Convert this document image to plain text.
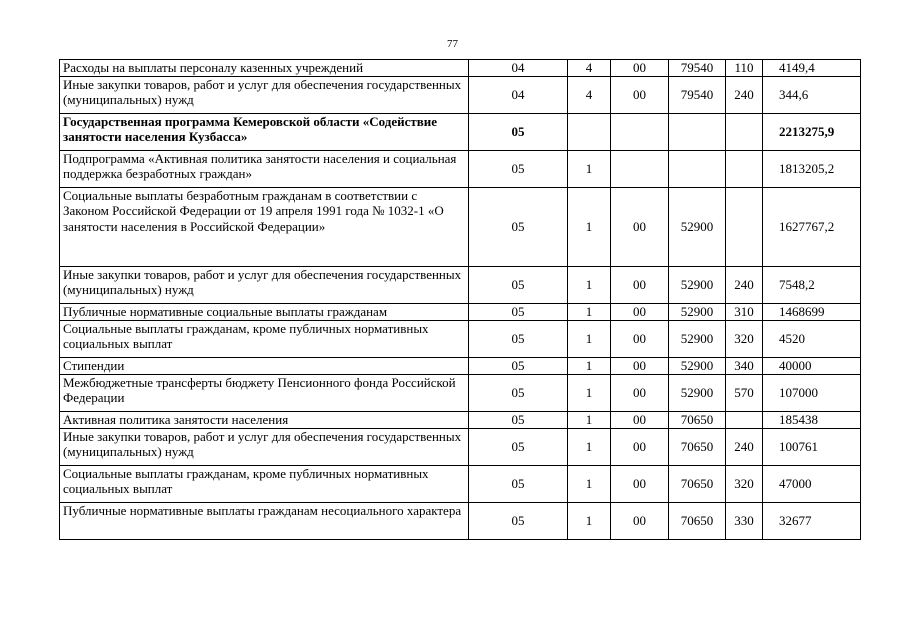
77
Расходы на выплаты персоналу казенных учреждений	04	4	00	79540	110	4149,4
Иные закупки товаров, работ и услуг для обеспечения государственных (муниципальных) нужд	04	4	00	79540	240	344,6
Государственная программа Кемеровской области «Содействие занятости населения Кузбасса»	05					2213275,9
Подпрограмма «Активная политика занятости населения и социальная поддержка безработных граждан»	05	1				1813205,2
Социальные выплаты безработным гражданам в соответствии с Законом Российской Федерации от 19 апреля 1991 года № 1032-1 «О занятости населения в Российской Федерации»	05	1	00	52900		1627767,2
Иные закупки товаров, работ и услуг для обеспечения государственных (муниципальных) нужд	05	1	00	52900	240	7548,2
Публичные нормативные социальные выплаты гражданам	05	1	00	52900	310	1468699
Социальные выплаты гражданам, кроме публичных нормативных социальных выплат	05	1	00	52900	320	4520
Стипендии	05	1	00	52900	340	40000
Межбюджетные трансферты бюджету Пенсионного фонда Российской Федерации	05	1	00	52900	570	107000
Активная политика занятости населения	05	1	00	70650		185438
Иные закупки товаров, работ и услуг для обеспечения государственных (муниципальных) нужд	05	1	00	70650	240	100761
Социальные выплаты гражданам, кроме публичных нормативных социальных выплат	05	1	00	70650	320	47000
Публичные нормативные выплаты гражданам несоциального характера	05	1	00	70650	330	32677
